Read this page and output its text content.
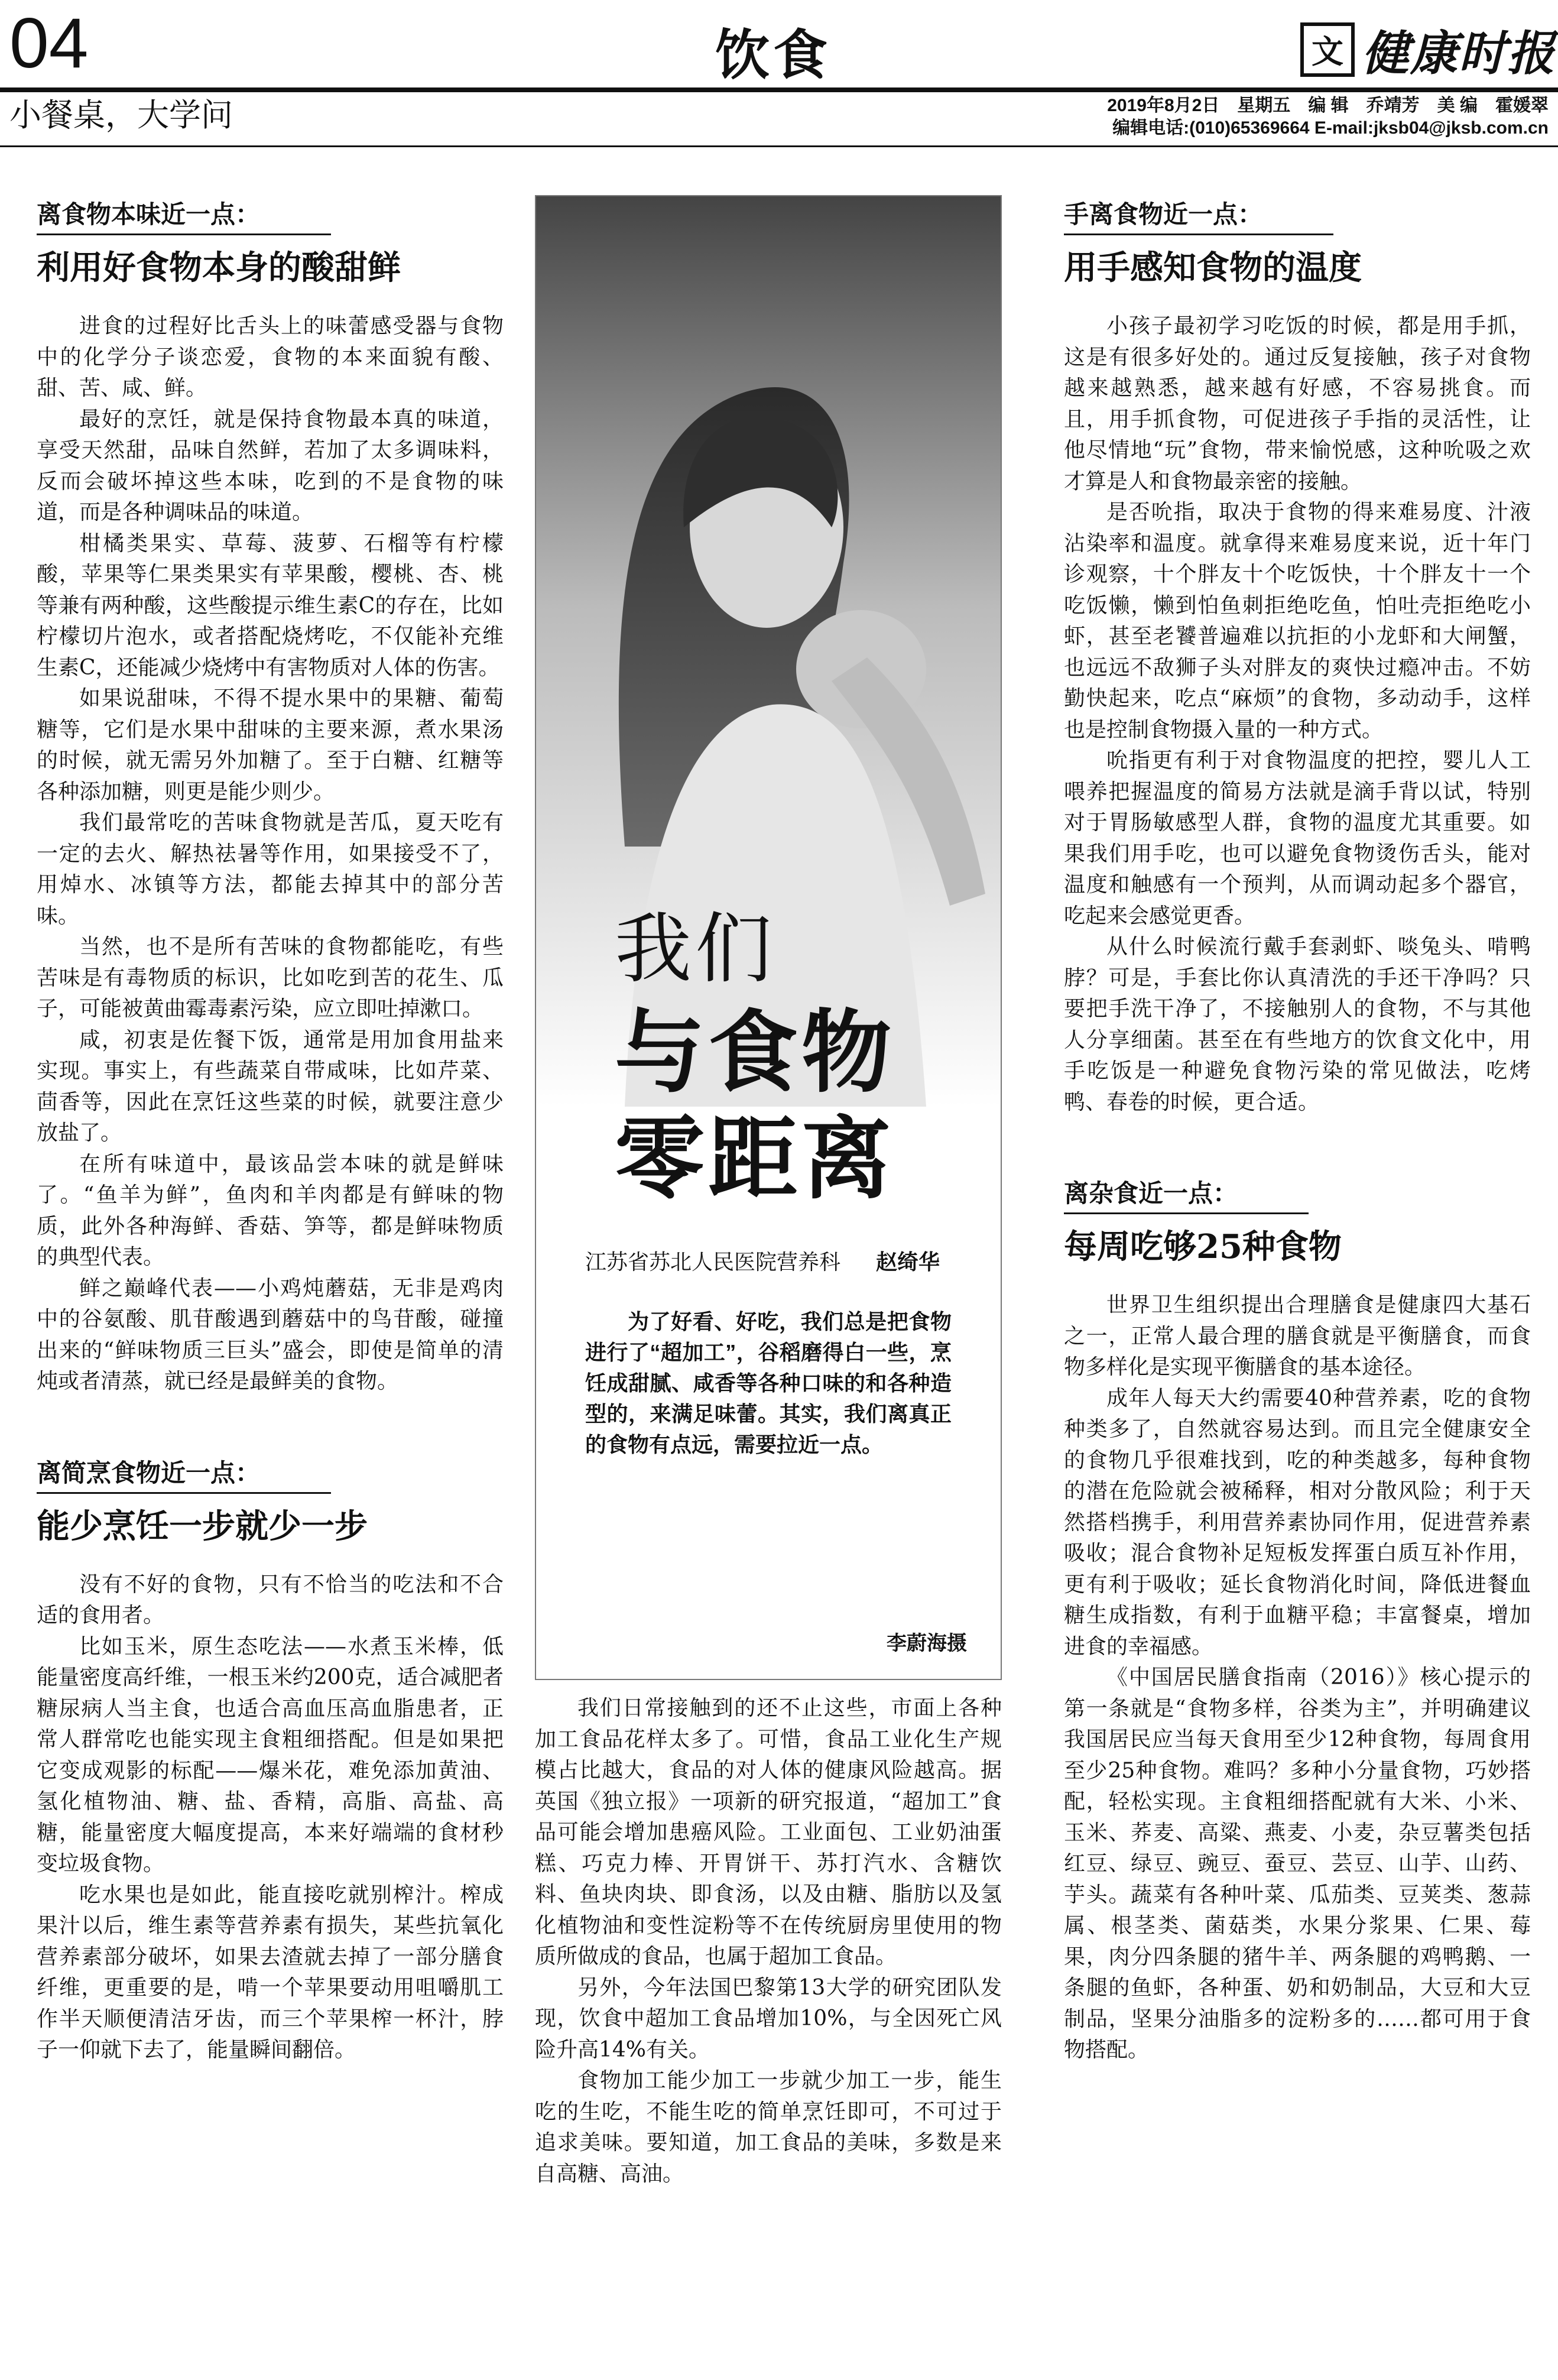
04	饮食	文 健康时报
小餐桌，大学问	2019年8月2日　星期五　编 辑　乔靖芳　美 编　霍媛翠
编辑电话:(010)65369664 E-mail:jksb04@jksb.com.cn
离食物本味近一点：
利用好食物本身的酸甜鲜

进食的过程好比舌头上的味蕾感受器与食物中的化学分子谈恋爱，食物的本来面貌有酸、甜、苦、咸、鲜。

最好的烹饪，就是保持食物最本真的味道，享受天然甜，品味自然鲜，若加了太多调味料，反而会破坏掉这些本味，吃到的不是食物的味道，而是各种调味品的味道。

柑橘类果实、草莓、菠萝、石榴等有柠檬酸，苹果等仁果类果实有苹果酸，樱桃、杏、桃等兼有两种酸，这些酸提示维生素C的存在，比如柠檬切片泡水，或者搭配烧烤吃，不仅能补充维生素C，还能减少烧烤中有害物质对人体的伤害。

如果说甜味，不得不提水果中的果糖、葡萄糖等，它们是水果中甜味的主要来源，煮水果汤的时候，就无需另外加糖了。至于白糖、红糖等各种添加糖，则更是能少则少。

我们最常吃的苦味食物就是苦瓜，夏天吃有一定的去火、解热祛暑等作用，如果接受不了，用焯水、冰镇等方法，都能去掉其中的部分苦味。

当然，也不是所有苦味的食物都能吃，有些苦味是有毒物质的标识，比如吃到苦的花生、瓜子，可能被黄曲霉毒素污染，应立即吐掉漱口。

咸，初衷是佐餐下饭，通常是用加食用盐来实现。事实上，有些蔬菜自带咸味，比如芹菜、茴香等，因此在烹饪这些菜的时候，就要注意少放盐了。

在所有味道中，最该品尝本味的就是鲜味了。“鱼羊为鲜”，鱼肉和羊肉都是有鲜味的物质，此外各种海鲜、香菇、笋等，都是鲜味物质的典型代表。

鲜之巅峰代表——小鸡炖蘑菇，无非是鸡肉中的谷氨酸、肌苷酸遇到蘑菇中的鸟苷酸，碰撞出来的“鲜味物质三巨头”盛会，即使是简单的清炖或者清蒸，就已经是最鲜美的食物。

离简烹食物近一点：
能少烹饪一步就少一步

没有不好的食物，只有不恰当的吃法和不合适的食用者。

比如玉米，原生态吃法——水煮玉米棒，低能量密度高纤维，一根玉米约200克，适合减肥者糖尿病人当主食，也适合高血压高血脂患者，正常人群常吃也能实现主食粗细搭配。但是如果把它变成观影的标配——爆米花，难免添加黄油、氢化植物油、糖、盐、香精，高脂、高盐、高糖，能量密度大幅度提高，本来好端端的食材秒变垃圾食物。

吃水果也是如此，能直接吃就别榨汁。榨成果汁以后，维生素等营养素有损失，某些抗氧化营养素部分破坏，如果去渣就去掉了一部分膳食纤维，更重要的是，啃一个苹果要动用咀嚼肌工作半天顺便清洁牙齿，而三个苹果榨一杯汁，脖子一仰就下去了，能量瞬间翻倍。

我们
与食物
零距离
江苏省苏北人民医院营养科 赵绮华
为了好看、好吃，我们总是把食物进行了“超加工”，谷稻磨得白一些，烹饪成甜腻、咸香等各种口味的和各种造型的，来满足味蕾。其实，我们离真正的食物有点远，需要拉近一点。
李蔚海摄

我们日常接触到的还不止这些，市面上各种加工食品花样太多了。可惜，食品工业化生产规模占比越大，食品的对人体的健康风险越高。据英国《独立报》一项新的研究报道，“超加工”食品可能会增加患癌风险。工业面包、工业奶油蛋糕、巧克力棒、开胃饼干、苏打汽水、含糖饮料、鱼块肉块、即食汤，以及由糖、脂肪以及氢化植物油和变性淀粉等不在传统厨房里使用的物质所做成的食品，也属于超加工食品。

另外，今年法国巴黎第13大学的研究团队发现，饮食中超加工食品增加10%，与全因死亡风险升高14%有关。

食物加工能少加工一步就少加工一步，能生吃的生吃，不能生吃的简单烹饪即可，不可过于追求美味。要知道，加工食品的美味，多数是来自高糖、高油。

手离食物近一点：
用手感知食物的温度

小孩子最初学习吃饭的时候，都是用手抓，这是有很多好处的。通过反复接触，孩子对食物越来越熟悉，越来越有好感，不容易挑食。而且，用手抓食物，可促进孩子手指的灵活性，让他尽情地“玩”食物，带来愉悦感，这种吮吸之欢才算是人和食物最亲密的接触。

是否吮指，取决于食物的得来难易度、汁液沾染率和温度。就拿得来难易度来说，近十年门诊观察，十个胖友十个吃饭快，十个胖友十一个吃饭懒，懒到怕鱼刺拒绝吃鱼，怕吐壳拒绝吃小虾，甚至老饕普遍难以抗拒的小龙虾和大闸蟹，也远远不敌狮子头对胖友的爽快过瘾冲击。不妨勤快起来，吃点“麻烦”的食物，多动动手，这样也是控制食物摄入量的一种方式。

吮指更有利于对食物温度的把控，婴儿人工喂养把握温度的简易方法就是滴手背以试，特别对于胃肠敏感型人群，食物的温度尤其重要。如果我们用手吃，也可以避免食物烫伤舌头，能对温度和触感有一个预判，从而调动起多个器官，吃起来会感觉更香。

从什么时候流行戴手套剥虾、啖兔头、啃鸭脖？可是，手套比你认真清洗的手还干净吗？只要把手洗干净了，不接触别人的食物，不与其他人分享细菌。甚至在有些地方的饮食文化中，用手吃饭是一种避免食物污染的常见做法，吃烤鸭、春卷的时候，更合适。

离杂食近一点：
每周吃够25种食物

世界卫生组织提出合理膳食是健康四大基石之一，正常人最合理的膳食就是平衡膳食，而食物多样化是实现平衡膳食的基本途径。

成年人每天大约需要40种营养素，吃的食物种类多了，自然就容易达到。而且完全健康安全的食物几乎很难找到，吃的种类越多，每种食物的潜在危险就会被稀释，相对分散风险；利于天然搭档携手，利用营养素协同作用，促进营养素吸收；混合食物补足短板发挥蛋白质互补作用，更有利于吸收；延长食物消化时间，降低进餐血糖生成指数，有利于血糖平稳；丰富餐桌，增加进食的幸福感。

《中国居民膳食指南（2016）》核心提示的第一条就是“食物多样，谷类为主”，并明确建议我国居民应当每天食用至少12种食物，每周食用至少25种食物。难吗？多种小分量食物，巧妙搭配，轻松实现。主食粗细搭配就有大米、小米、玉米、荞麦、高粱、燕麦、小麦，杂豆薯类包括红豆、绿豆、豌豆、蚕豆、芸豆、山芋、山药、芋头。蔬菜有各种叶菜、瓜茄类、豆荚类、葱蒜属、根茎类、菌菇类，水果分浆果、仁果、莓果，肉分四条腿的猪牛羊、两条腿的鸡鸭鹅、一条腿的鱼虾，各种蛋、奶和奶制品，大豆和大豆制品，坚果分油脂多的淀粉多的……都可用于食物搭配。
